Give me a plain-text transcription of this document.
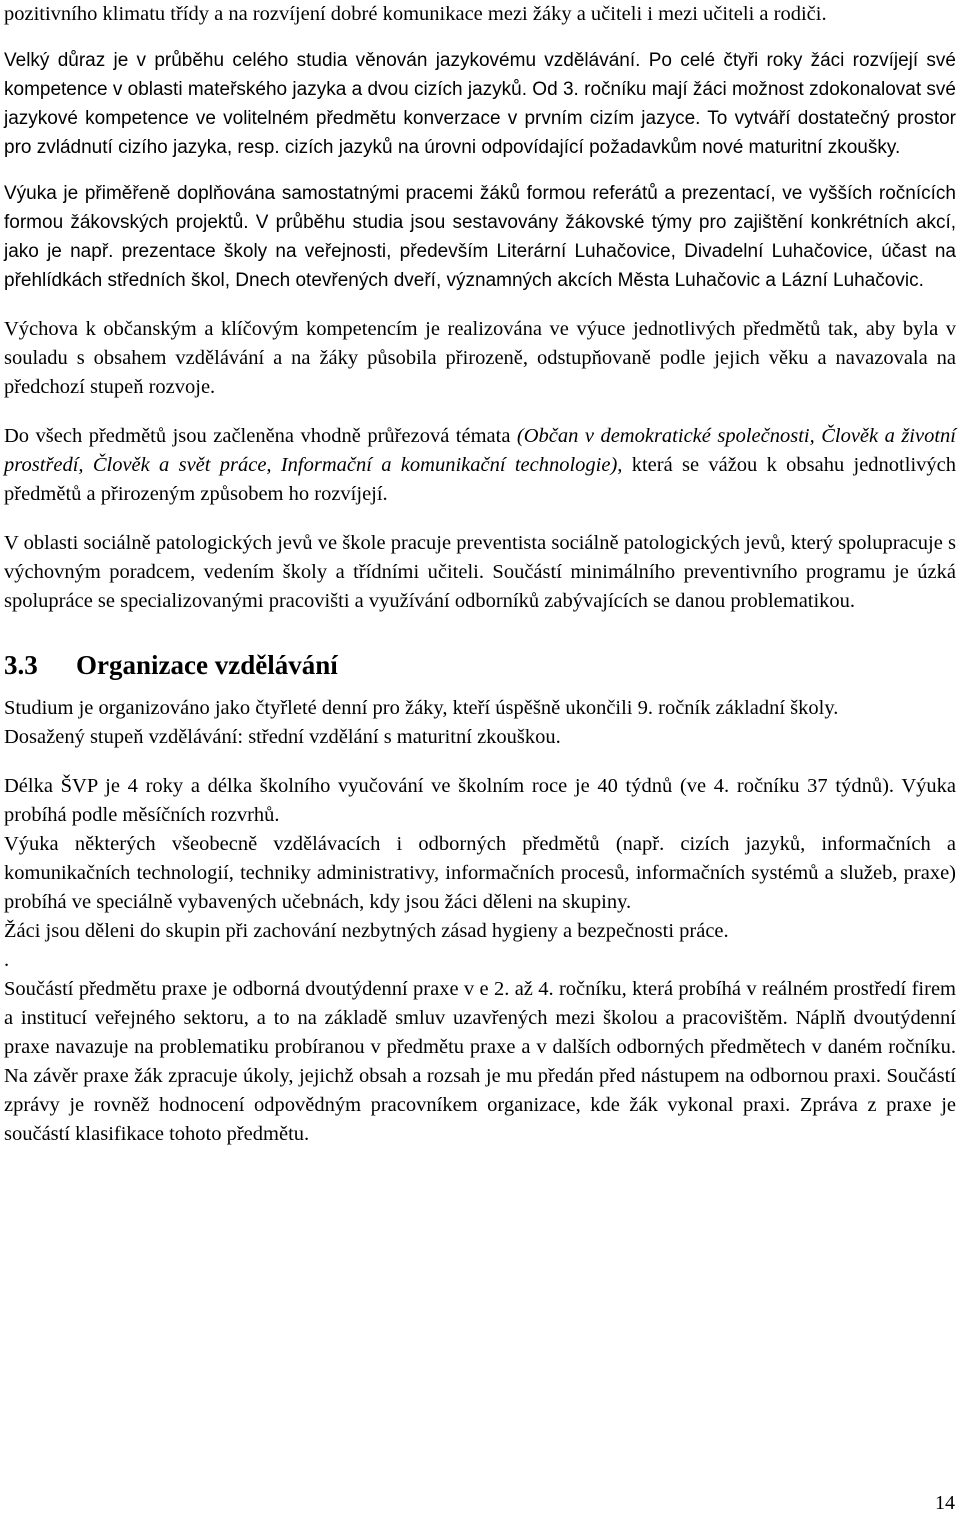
pozitivního klimatu třídy a na rozvíjení dobré komunikace mezi žáky a učiteli i mezi učiteli a rodiči.

Velký důraz je v průběhu celého studia věnován jazykovému vzdělávání. Po celé čtyři roky žáci rozvíjejí své kompetence v oblasti mateřského jazyka a dvou cizích jazyků. Od 3. ročníku mají žáci možnost zdokonalovat své jazykové kompetence ve volitelném předmětu konverzace v prvním cizím jazyce. To vytváří dostatečný prostor pro zvládnutí cizího jazyka, resp. cizích jazyků na úrovni odpovídající požadavkům nové maturitní zkoušky.

Výuka je přiměřeně doplňována samostatnými pracemi žáků formou referátů a prezentací, ve vyšších ročnících formou žákovských projektů. V průběhu studia jsou sestavovány žákovské týmy pro zajištění konkrétních akcí, jako je např. prezentace školy na veřejnosti, především Literární Luhačovice, Divadelní Luhačovice, účast na přehlídkách středních škol, Dnech otevřených dveří, významných akcích Města Luhačovic a Lázní Luhačovic.

Výchova k občanským a klíčovým kompetencím je realizována ve výuce jednotlivých předmětů tak, aby byla v souladu s obsahem vzdělávání a na žáky působila přirozeně, odstupňovaně podle jejich věku a navazovala na předchozí stupeň rozvoje.

Do všech předmětů jsou začleněna vhodně průřezová témata (Občan v demokratické společnosti, Člověk a životní prostředí, Člověk a svět práce, Informační a komunikační technologie), která se vážou k obsahu jednotlivých předmětů a přirozeným způsobem ho rozvíjejí.

V oblasti sociálně patologických jevů ve škole pracuje preventista sociálně patologických jevů, který spolupracuje s výchovným poradcem, vedením školy a třídními učiteli. Součástí minimálního preventivního programu je úzká spolupráce se specializovanými pracovišti a využívání odborníků zabývajících se danou problematikou.

3.3 Organizace vzdělávání

Studium je organizováno jako čtyřleté denní pro žáky, kteří úspěšně ukončili 9. ročník základní školy.

Dosažený stupeň vzdělávání: střední vzdělání s maturitní zkouškou.

Délka ŠVP je 4 roky a délka školního vyučování ve školním roce je 40 týdnů (ve 4. ročníku 37 týdnů). Výuka probíhá podle měsíčních rozvrhů.

Výuka některých všeobecně vzdělávacích i odborných předmětů (např. cizích jazyků, informačních a komunikačních technologií, techniky administrativy, informačních procesů, informačních systémů a služeb, praxe) probíhá ve speciálně vybavených učebnách, kdy jsou žáci děleni na skupiny.

Žáci jsou děleni do skupin při zachování nezbytných zásad hygieny a bezpečnosti práce.

.

Součástí předmětu praxe je odborná dvoutýdenní praxe v e 2. až 4. ročníku, která probíhá v reálném prostředí firem a institucí veřejného sektoru, a to na základě smluv uzavřených mezi školou a pracovištěm. Náplň dvoutýdenní praxe navazuje na problematiku probíranou v předmětu praxe a v dalších odborných předmětech v daném ročníku. Na závěr praxe žák zpracuje úkoly, jejichž obsah a rozsah je mu předán před nástupem na odbornou praxi. Součástí zprávy je rovněž hodnocení odpovědným pracovníkem organizace, kde žák vykonal praxi. Zpráva z praxe je součástí klasifikace tohoto předmětu.

14
